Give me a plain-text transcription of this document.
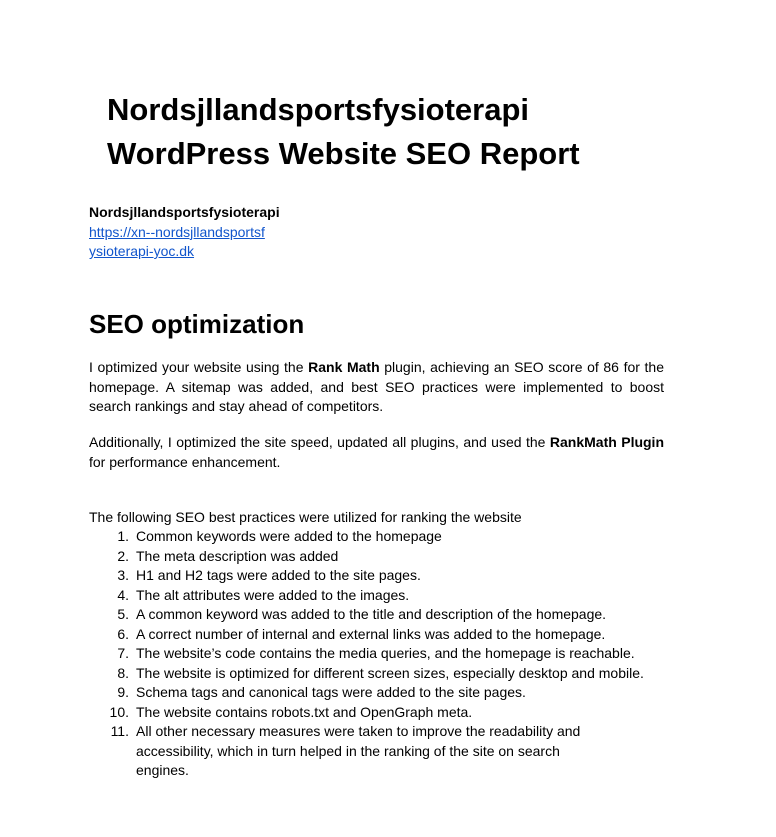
Nordsjllandsportsfysioterapi
WordPress Website SEO Report
Nordsjllandsportsfysioterapi
https://xn--nordsjllandsportsfysioterapi-yoc.dk
SEO optimization

I optimized your website using the Rank Math plugin, achieving an SEO score of 86 for the homepage. A sitemap was added, and best SEO practices were implemented to boost search rankings and stay ahead of competitors.

Additionally, I optimized the site speed, updated all plugins, and used the RankMath Plugin for performance enhancement.

The following SEO best practices were utilized for ranking the website

1. Common keywords were added to the homepage
2. The meta description was added
3. H1 and H2 tags were added to the site pages.
4. The alt attributes were added to the images.
5. A common keyword was added to the title and description of the homepage.
6. A correct number of internal and external links was added to the homepage.
7. The website’s code contains the media queries, and the homepage is reachable.
8. The website is optimized for different screen sizes, especially desktop and mobile.
9. Schema tags and canonical tags were added to the site pages.
10. The website contains robots.txt and OpenGraph meta.
11. All other necessary measures were taken to improve the readability and accessibility, which in turn helped in the ranking of the site on search engines.
